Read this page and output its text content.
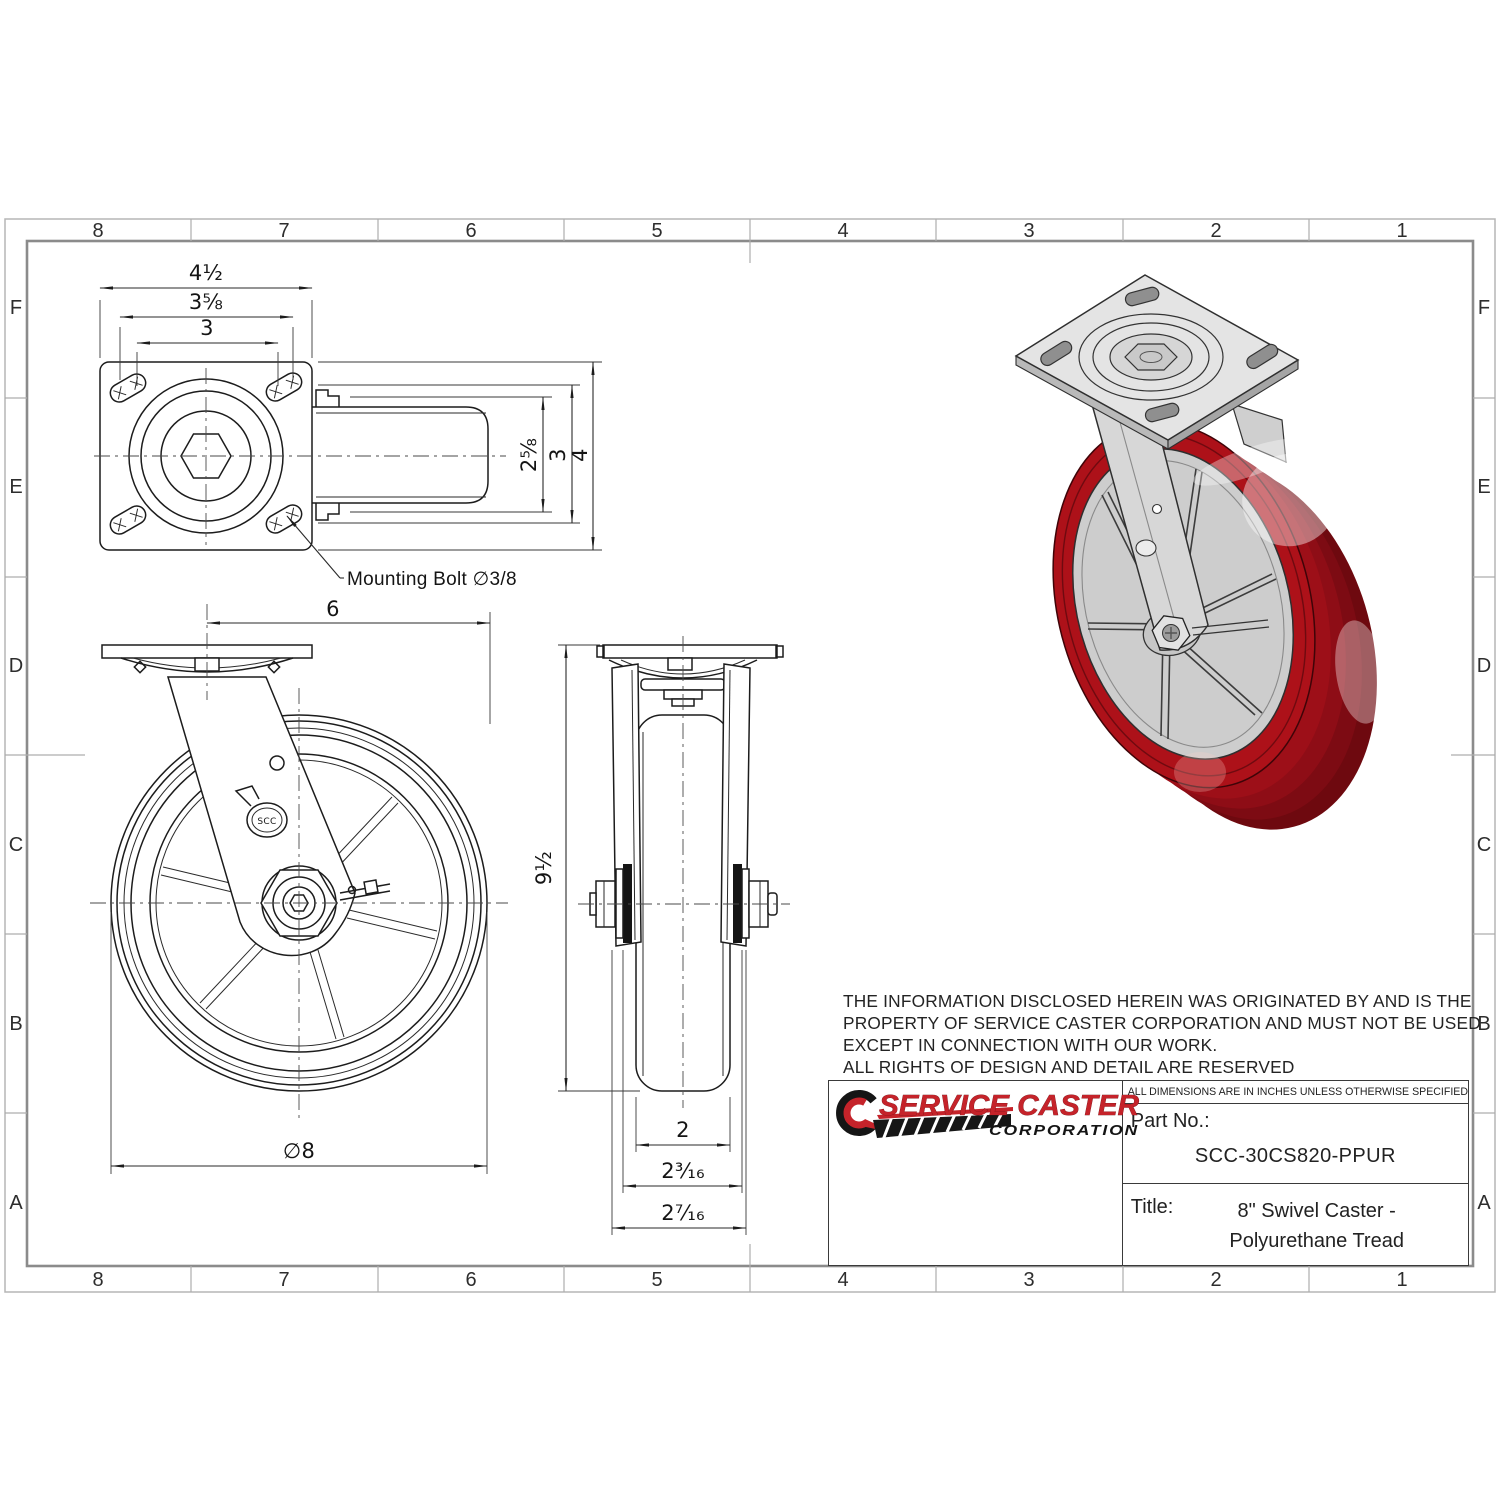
8	7	6	5	4	3	2	1
8	7	6	5	4	3	2	1
F
E
D
C
B
A
F
E
D
C
B
A
4½
3⅝
3
2⅝ 3
4
Mounting Bolt ∅3/8
SCC
6
∅8
9½
2
2³⁄₁₆
2⁷⁄₁₆
THE INFORMATION DISCLOSED HEREIN WAS ORIGINATED BY AND IS THE
PROPERTY OF SERVICE CASTER CORPORATION AND MUST NOT BE USED
EXCEPT IN CONNECTION WITH OUR WORK.
ALL RIGHTS OF DESIGN AND DETAIL ARE RESERVED
SERVICE CASTER
CORPORATION
ALL DIMENSIONS ARE IN INCHES UNLESS OTHERWISE SPECIFIED
Part No.:
SCC-30CS820-PPUR
Title:	8" Swivel Caster -
Polyurethane Tread
